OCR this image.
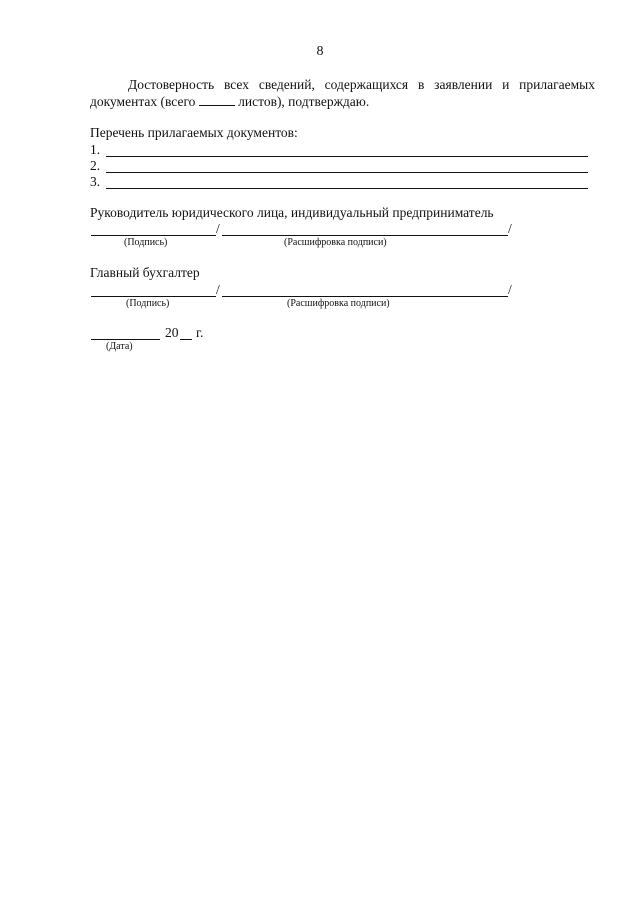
8
Достоверность всех сведений, содержащихся в заявлении и прилагаемых
документах (всего	листов), подтверждаю.
Перечень прилагаемых документов:
1.
2.
3.
Руководитель юридического лица, индивидуальный предприниматель
/	/
(Подпись)	(Расшифровка подписи)
Главный бухгалтер
/	/
(Подпись)	(Расшифровка подписи)
20 г.
(Дата)
